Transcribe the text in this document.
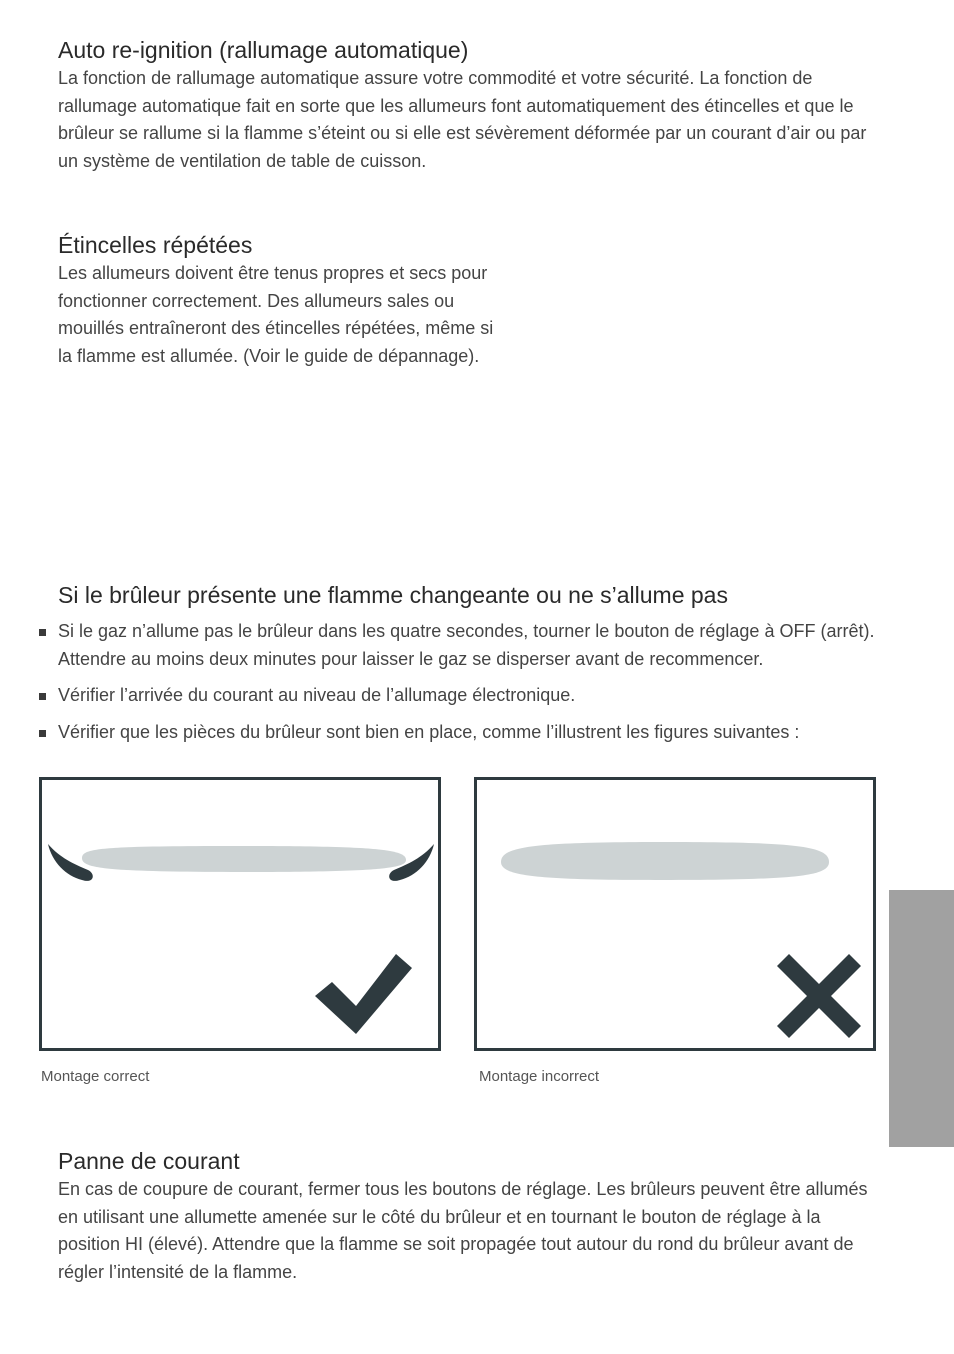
Auto re-ignition (rallumage automatique)

La fonction de rallumage automatique assure votre commodité et votre sécurité. La fonction de rallumage automatique fait en sorte que les allumeurs font automatiquement des étincelles et que le brûleur se rallume si la flamme s’éteint ou si elle est sévèrement déformée par un courant d’air ou par un système de ventilation de table de cuisson.

Étincelles répétées

Les allumeurs doivent être tenus propres et secs pour fonctionner correctement. Des allumeurs sales ou mouillés entraîneront des étincelles répétées, même si la flamme est allumée. (Voir le guide de dépannage).

Si le brûleur présente une flamme changeante ou ne s’allume pas
Si le gaz n’allume pas le brûleur dans les quatre secondes, tourner le bouton de réglage à OFF (arrêt). Attendre au moins deux minutes pour laisser le gaz se disperser avant de recommencer.
Vérifier l’arrivée du courant au niveau de l’allumage électronique.
Vérifier que les pièces du brûleur sont bien en place, comme l’illustrent les figures suivantes :
Montage correct	Montage incorrect
Panne de courant

En cas de coupure de courant, fermer tous les boutons de réglage. Les brûleurs peuvent être allumés en utilisant une allumette amenée sur le côté du brûleur et en tournant le bouton de réglage à la position HI (élevé). Attendre que la flamme se soit propagée tout autour du rond du brûleur avant de régler l’intensité de la flamme.
